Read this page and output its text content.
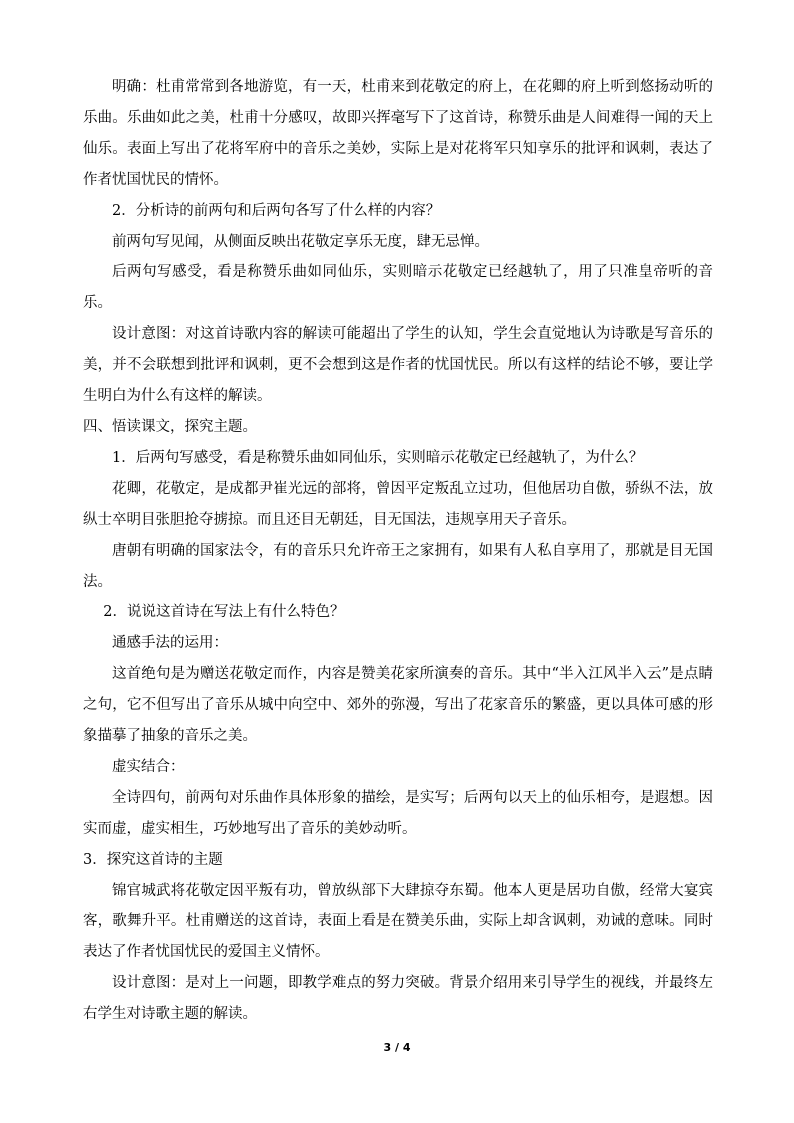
明确：杜甫常常到各地游览，有一天，杜甫来到花敬定的府上，在花卿的府上听到悠扬动听的乐曲。乐曲如此之美，杜甫十分感叹，故即兴挥毫写下了这首诗，称赞乐曲是人间难得一闻的天上仙乐。表面上写出了花将军府中的音乐之美妙，实际上是对花将军只知享乐的批评和讽刺，表达了作者忧国忧民的情怀。

2．分析诗的前两句和后两句各写了什么样的内容？

前两句写见闻，从侧面反映出花敬定享乐无度，肆无忌惮。

后两句写感受，看是称赞乐曲如同仙乐，实则暗示花敬定已经越轨了，用了只准皇帝听的音乐。

设计意图：对这首诗歌内容的解读可能超出了学生的认知，学生会直觉地认为诗歌是写音乐的美，并不会联想到批评和讽刺，更不会想到这是作者的忧国忧民。所以有这样的结论不够，要让学生明白为什么有这样的解读。

四、悟读课文，探究主题。

1．后两句写感受，看是称赞乐曲如同仙乐，实则暗示花敬定已经越轨了，为什么？

花卿，花敬定，是成都尹崔光远的部将，曾因平定叛乱立过功，但他居功自傲，骄纵不法，放纵士卒明目张胆抢夺掳掠。而且还目无朝廷，目无国法，违规享用天子音乐。

唐朝有明确的国家法令，有的音乐只允许帝王之家拥有，如果有人私自享用了，那就是目无国法。

2．说说这首诗在写法上有什么特色？

通感手法的运用：

这首绝句是为赠送花敬定而作，内容是赞美花家所演奏的音乐。其中“半入江风半入云”是点睛之句，它不但写出了音乐从城中向空中、郊外的弥漫，写出了花家音乐的繁盛，更以具体可感的形象描摹了抽象的音乐之美。

虚实结合：

全诗四句，前两句对乐曲作具体形象的描绘，是实写；后两句以天上的仙乐相夸，是遐想。因实而虚，虚实相生，巧妙地写出了音乐的美妙动听。

3．探究这首诗的主题

锦官城武将花敬定因平叛有功，曾放纵部下大肆掠夺东蜀。他本人更是居功自傲，经常大宴宾客，歌舞升平。杜甫赠送的这首诗，表面上看是在赞美乐曲，实际上却含讽刺，劝诫的意味。同时表达了作者忧国忧民的爱国主义情怀。

设计意图：是对上一问题，即教学难点的努力突破。背景介绍用来引导学生的视线，并最终左右学生对诗歌主题的解读。

3 / 4
